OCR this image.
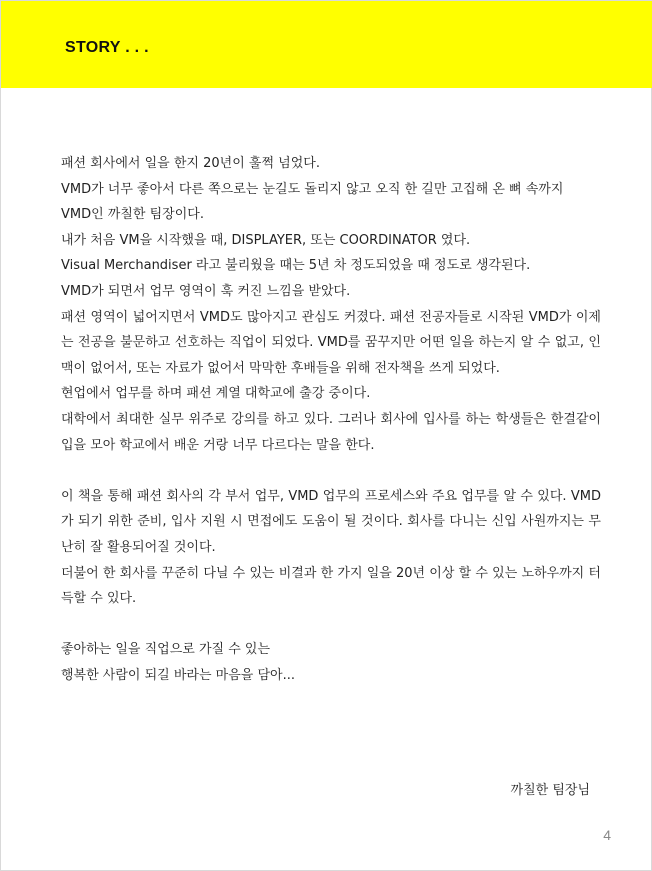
STORY . . .
패션 회사에서 일을 한지 20년이 훌쩍 넘었다.
VMD가 너무 좋아서 다른 쪽으로는 눈길도 돌리지 않고 오직 한 길만 고집해 온 뼈 속까지
VMD인 까칠한 팀장이다.
내가 처음 VM을 시작했을 때, DISPLAYER, 또는 COORDINATOR 였다.
Visual Merchandiser 라고 불리웠을 때는 5년 차 정도되었을 때 정도로 생각된다.
VMD가 되면서 업무 영역이 훅 커진 느낌을 받았다.
패션 영역이 넓어지면서 VMD도 많아지고 관심도 커졌다. 패션 전공자들로 시작된 VMD가 이제는 전공을 불문하고 선호하는 직업이 되었다. VMD를 꿈꾸지만 어떤 일을 하는지 알 수 없고, 인맥이 없어서, 또는 자료가 없어서 막막한 후배들을 위해 전자책을 쓰게 되었다.
현업에서 업무를 하며 패션 계열 대학교에 출강 중이다.
대학에서 최대한 실무 위주로 강의를 하고 있다. 그러나 회사에 입사를 하는 학생들은 한결같이 입을 모아 학교에서 배운 거랑 너무 다르다는 말을 한다.
이 책을 통해 패션 회사의 각 부서 업무, VMD 업무의 프로세스와 주요 업무를 알 수 있다. VMD가 되기 위한 준비, 입사 지원 시 면접에도 도움이 될 것이다. 회사를 다니는 신입 사원까지는 무난히 잘 활용되어질 것이다.
더불어 한 회사를 꾸준히 다닐 수 있는 비결과 한 가지 일을 20년 이상 할 수 있는 노하우까지 터득할 수 있다.
좋아하는 일을 직업으로 가질 수 있는
행복한 사람이 되길 바라는 마음을 담아...
까칠한 팀장님
4
